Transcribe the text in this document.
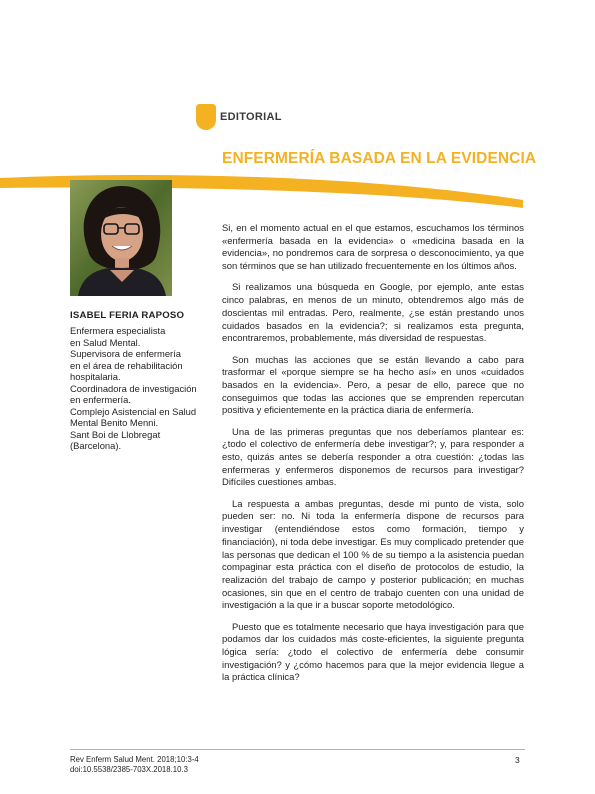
EDITORIAL
ENFERMERÍA BASADA EN LA EVIDENCIA

ISABEL FERIA RAPOSO

Enfermera especialista
en Salud Mental.
Supervisora de enfermería
en el área de rehabilitación
hospitalaria.
Coordinadora de investigación
en enfermería.
Complejo Asistencial en Salud
Mental Benito Menni.
Sant Boi de Llobregat
(Barcelona).

Si, en el momento actual en el que estamos, escuchamos los términos «enfermería basada en la evidencia» o «medicina basada en la evidencia», no pondremos cara de sorpresa o desconocimiento, ya que son términos que se han utilizado frecuentemente en los últimos años.

Si realizamos una búsqueda en Google, por ejemplo, ante estas cinco palabras, en menos de un minuto, obtendremos algo más de doscientas mil entradas. Pero, realmente, ¿se están prestando unos cuidados basados en la evidencia?; si realizamos esta pregunta, encontraremos, probablemente, más diversidad de respuestas.

Son muchas las acciones que se están llevando a cabo para trasformar el «porque siempre se ha hecho así» en unos «cuidados basados en la evidencia». Pero, a pesar de ello, parece que no conseguimos que todas las acciones que se emprenden repercutan positiva y eficientemente en la práctica diaria de enfermería.

Una de las primeras preguntas que nos deberíamos plantear es: ¿todo el colectivo de enfermería debe investigar?; y, para responder a esto, quizás antes se debería responder a otra cuestión: ¿todas las enfermeras y enfermeros disponemos de recursos para investigar? Difíciles cuestiones ambas.

La respuesta a ambas preguntas, desde mi punto de vista, solo pueden ser: no. Ni toda la enfermería dispone de recursos para investigar (entendiéndose estos como formación, tiempo y financiación), ni toda debe investigar. Es muy complicado pretender que las personas que dedican el 100 % de su tiempo a la asistencia puedan compaginar esta práctica con el diseño de protocolos de estudio, la realización del trabajo de campo y posterior publicación; en muchas ocasiones, sin que en el centro de trabajo cuenten con una unidad de investigación a la que ir a buscar soporte metodológico.

Puesto que es totalmente necesario que haya investigación para que podamos dar los cuidados más coste-eficientes, la siguiente pregunta lógica sería: ¿todo el colectivo de enfermería debe consumir investigación? y ¿cómo hacemos para que la mejor evidencia llegue a la práctica clínica?

Rev Enferm Salud Ment. 2018;10:3-4
doi:10.5538/2385-703X.2018.10.3
3
